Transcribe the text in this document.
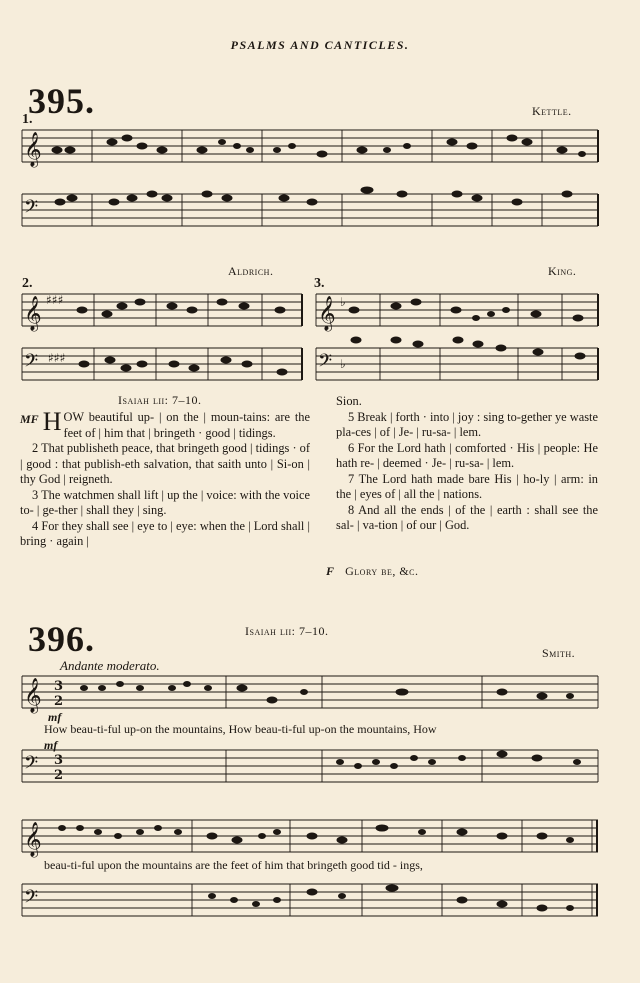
PSALMS AND CANTICLES.
395.	Kettle.
1.
𝄞
𝄢
2.
Aldrich.
𝄞 ♯♯♯
𝄢 ♯♯♯
3.
King.
𝄞 ♭
𝄢 ♭
Isaiah lii: 7–10.

MF H OW beautiful up- | on the | moun-tains: are the feet of | him that | bringeth · good | tidings.

2 That publisheth peace, that bringeth good | tidings · of | good : that publish-eth salvation, that saith unto | Si-on | thy God | reigneth.

3 The watchmen shall lift | up the | voice: with the voice to- | ge-ther | shall they | sing.

4 For they shall see | eye to | eye: when the | Lord shall | bring · again |

Sion.

5 Break | forth · into | joy : sing to-gether ye waste pla-ces | of | Je- | ru-sa- | lem.

6 For the Lord hath | comforted · His | people: He hath re- | deemed · Je- | ru-sa- | lem.

7 The Lord hath made bare His | ho-ly | arm: in the | eyes of | all the | nations.

8 And all the ends | of the | earth : shall see the sal- | va-tion | of our | God.

F Glory be, &c.
396.	Isaiah lii: 7–10.
Smith.
Andante moderato.
𝄞 3
2
mf
How beau-ti-ful up-on the mountains, How beau-ti-ful up-on the mountains, How
mf
𝄢 3
2
𝄞
beau-ti-ful upon the mountains are the feet of him that bringeth good tid - ings,
𝄢
